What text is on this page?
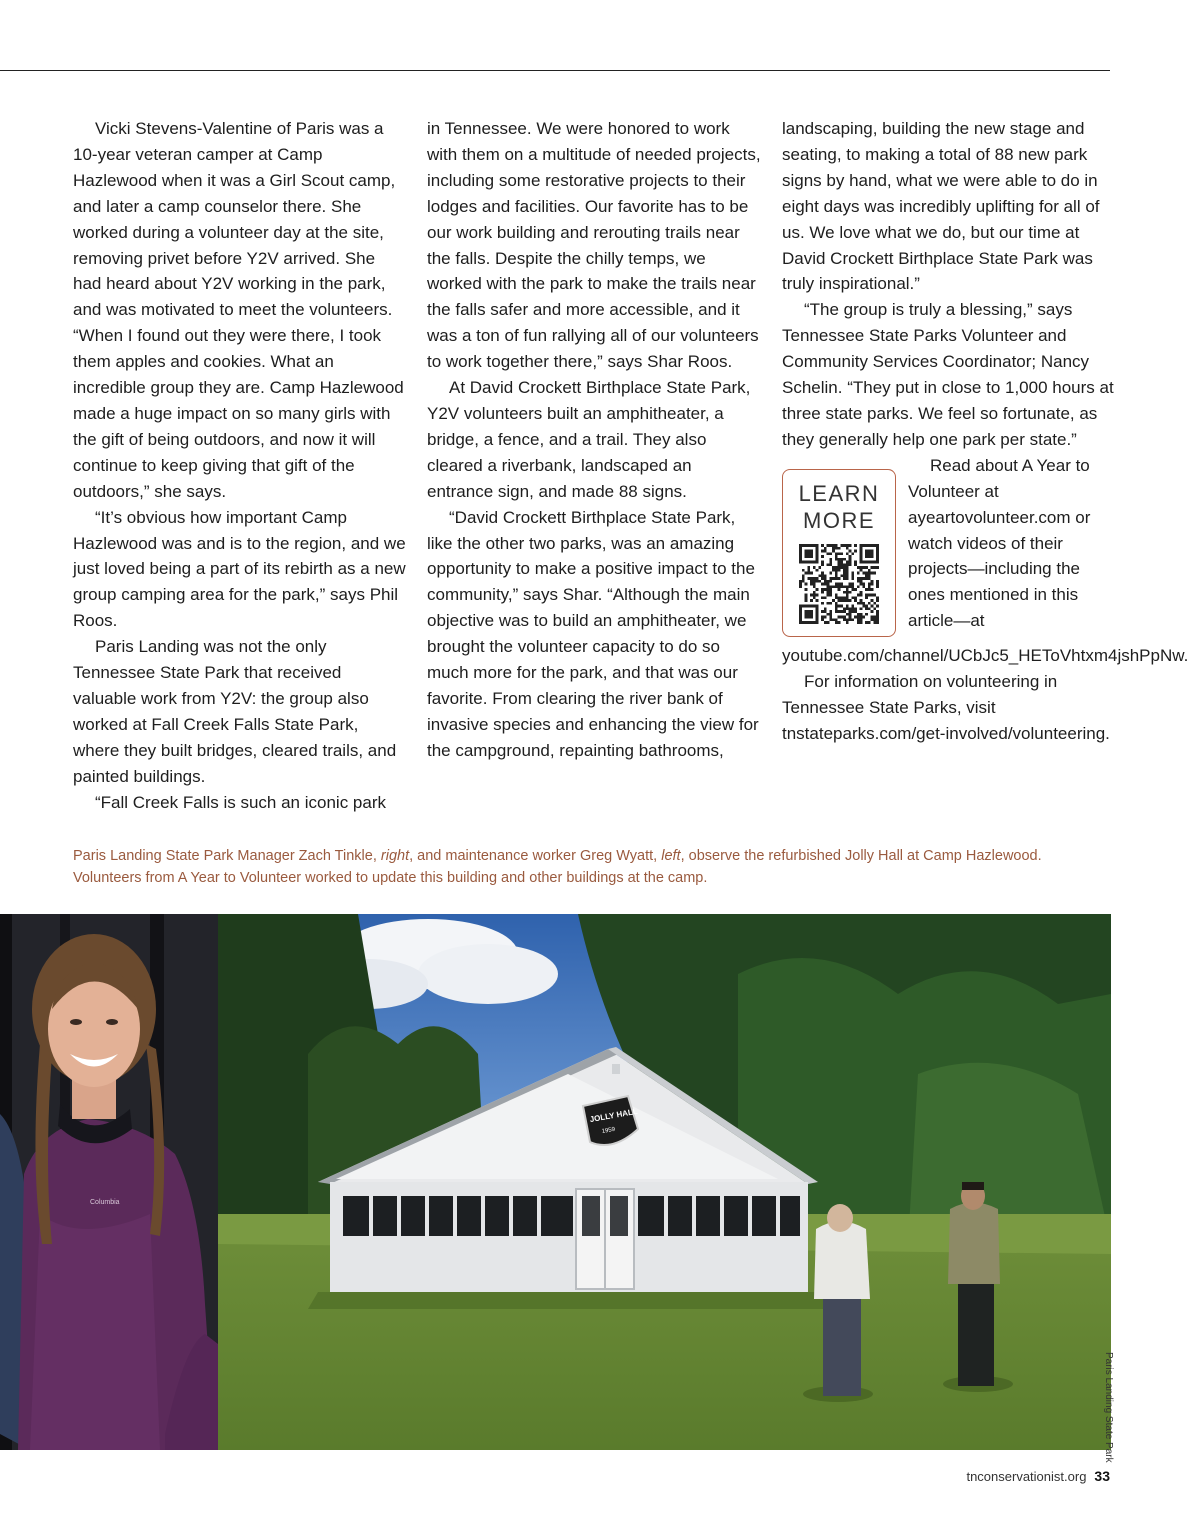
Vicki Stevens-Valentine of Paris was a 10-year veteran camper at Camp Hazlewood when it was a Girl Scout camp, and later a camp counselor there. She worked during a volunteer day at the site, removing privet before Y2V arrived. She had heard about Y2V working in the park, and was motivated to meet the volunteers. “When I found out they were there, I took them apples and cookies. What an incredible group they are. Camp Hazlewood made a huge impact on so many girls with the gift of being outdoors, and now it will continue to keep giving that gift of the outdoors,” she says.

“It’s obvious how important Camp Hazlewood was and is to the region, and we just loved being a part of its rebirth as a new group camping area for the park,” says Phil Roos.

Paris Landing was not the only Tennessee State Park that received valuable work from Y2V: the group also worked at Fall Creek Falls State Park, where they built bridges, cleared trails, and painted buildings.

“Fall Creek Falls is such an iconic park

in Tennessee. We were honored to work with them on a multitude of needed projects, including some restorative projects to their lodges and facilities. Our favorite has to be our work building and rerouting trails near the falls. Despite the chilly temps, we worked with the park to make the trails near the falls safer and more accessible, and it was a ton of fun rallying all of our volunteers to work together there,” says Shar Roos.

At David Crockett Birthplace State Park, Y2V volunteers built an amphitheater, a bridge, a fence, and a trail. They also cleared a riverbank, landscaped an entrance sign, and made 88 signs.

“David Crockett Birthplace State Park, like the other two parks, was an amazing opportunity to make a positive impact to the community,” says Shar. “Although the main objective was to build an amphitheater, we brought the volunteer capacity to do so much more for the park, and that was our favorite. From clearing the river bank of invasive species and enhancing the view for the campground, repainting bathrooms,

landscaping, building the new stage and seating, to making a total of 88 new park signs by hand, what we were able to do in eight days was incredibly uplifting for all of us. We love what we do, but our time at David Crockett Birthplace State Park was truly inspirational.”

“The group is truly a blessing,” says Tennessee State Parks Volunteer and Community Services Coordinator; Nancy Schelin. “They put in close to 1,000 hours at three state parks. We feel so fortunate, as they generally help one park per state.”

LEARN
MORE

Read about A Year to Volunteer at ayeartovolunteer.com or watch videos of their projects—including the ones mentioned in this article—at youtube.com/channel/UCbJc5_HEToVhtxm4jshPpNw.

For information on volunteering in Tennessee State Parks, visit tnstateparks.com/get-involved/volunteering.

Paris Landing State Park Manager Zach Tinkle, right, and maintenance worker Greg Wyatt, left, observe the refurbished Jolly Hall at Camp Hazlewood.

Volunteers from A Year to Volunteer worked to update this building and other buildings at the camp.

Columbia
JOLLY HALL
1959
Paris Landing State Park
tnconservationist.org 33
